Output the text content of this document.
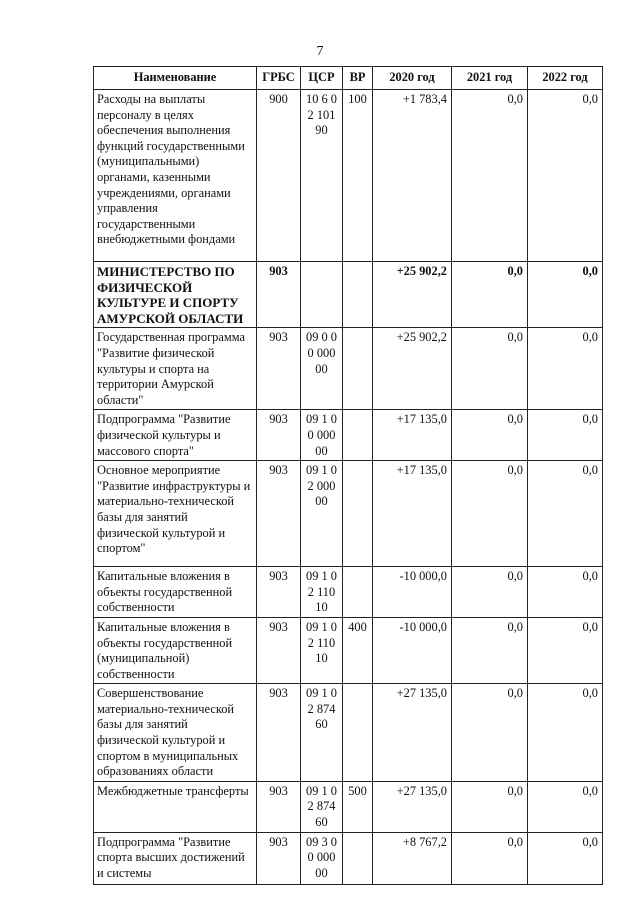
7
Наименование	ГРБС	ЦСР	ВР	2020 год	2021 год	2022 год
Расходы на выплаты персоналу в целях обеспечения выполнения функций государственными (муниципальными) органами, казенными учреждениями, органами управления государственными внебюджетными фондами	900	10 6 02 10190	100	+1 783,4	0,0	0,0
МИНИСТЕРСТВО ПО ФИЗИЧЕСКОЙ КУЛЬТУРЕ И СПОРТУ АМУРСКОЙ ОБЛАСТИ	903			+25 902,2	0,0	0,0
Государственная программа "Развитие физической культуры и спорта на территории Амурской области"	903	09 0 00 00000		+25 902,2	0,0	0,0
Подпрограмма "Развитие физической культуры и массового спорта"	903	09 1 00 00000		+17 135,0	0,0	0,0
Основное мероприятие "Развитие инфраструктуры и материально-технической базы для занятий физической культурой и спортом"	903	09 1 02 00000		+17 135,0	0,0	0,0
Капитальные вложения в объекты государственной собственности	903	09 1 02 11010		-10 000,0	0,0	0,0
Капитальные вложения в объекты государственной (муниципальной) собственности	903	09 1 02 11010	400	-10 000,0	0,0	0,0
Совершенствование материально-технической базы для занятий физической культурой и спортом в муниципальных образованиях области	903	09 1 02 87460		+27 135,0	0,0	0,0
Межбюджетные трансферты	903	09 1 02 87460	500	+27 135,0	0,0	0,0
Подпрограмма "Развитие спорта высших достижений и системы	903	09 3 00 00000		+8 767,2	0,0	0,0
